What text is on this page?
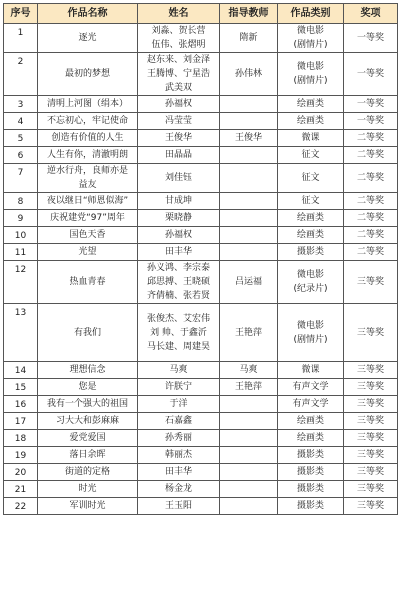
序号	作品名称	姓名	指导教师	作品类别	奖项
1	逐光	刘淼、贺长营
伍伟、张熠明	隋新	微电影
(剧情片)	一等奖
2	最初的梦想	赵东来、刘金泽
王腾博、宁星浩
武美双	孙伟林	微电影
(剧情片)	一等奖
3	清明上河图（绢本）	孙福权		绘画类	一等奖
4	不忘初心，牢记使命	冯莹莹		绘画类	一等奖
5	创造有价值的人生	王俊华	王俊华	微课	二等奖
6	人生有你，清澈明朗	田晶晶		征文	二等奖
7	逆水行舟，良师亦是
益友	刘佳钰		征文	二等奖
8	夜以继日“师恩似海”	甘成坤		征文	二等奖
9	庆祝建党“97”周年	栗晓静		绘画类	二等奖
10	国色天香	孙福权		绘画类	二等奖
11	光望	田丰华		摄影类	二等奖
12	热血青春	孙义鸿、李宗泰
邱思搏、王晓硕
齐倩楠、张若贤	吕运福	微电影
(纪录片)	三等奖
13	有我们	张俊杰、艾宏伟
刘 帅、于鑫沂
马长建、周建昊	王艳萍	微电影
(剧情片)	三等奖
14	理想信念	马爽	马爽	微课	三等奖
15	您是	许朕宁	王艳萍	有声文学	三等奖
16	我有一个强大的祖国	于洋		有声文学	三等奖
17	习大大和彭麻麻	石嘉鑫		绘画类	三等奖
18	爱党爱国	孙秀丽		绘画类	三等奖
19	落日余晖	韩丽杰		摄影类	三等奖
20	街道的定格	田丰华		摄影类	三等奖
21	时光	杨金龙		摄影类	三等奖
22	军训时光	王玉阳		摄影类	三等奖
